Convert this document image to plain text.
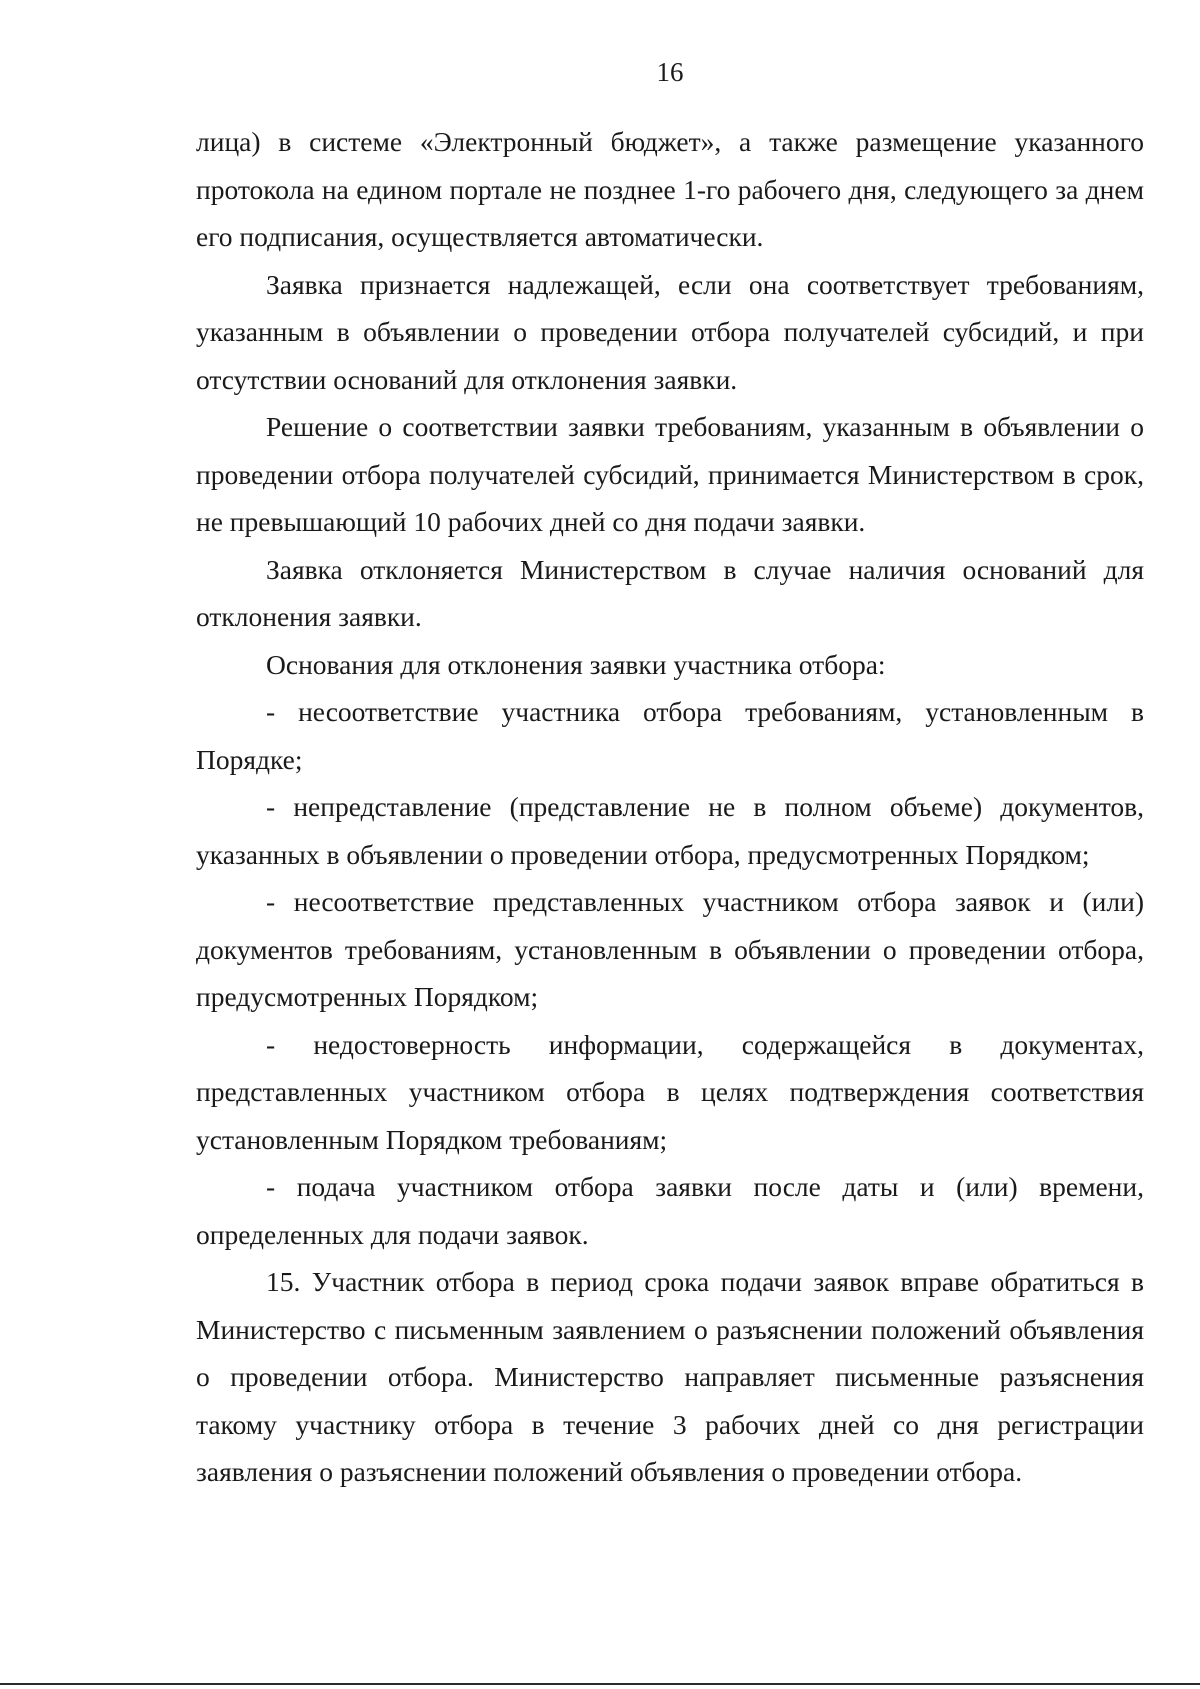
16

лица) в системе «Электронный бюджет», а также размещение указанного протокола на едином портале не позднее 1-го рабочего дня, следующего за днем его подписания, осуществляется автоматически.

Заявка признается надлежащей, если она соответствует требованиям, указанным в объявлении о проведении отбора получателей субсидий, и при отсутствии оснований для отклонения заявки.

Решение о соответствии заявки требованиям, указанным в объявлении о проведении отбора получателей субсидий, принимается Министерством в срок, не превышающий 10 рабочих дней со дня подачи заявки.

Заявка отклоняется Министерством в случае наличия оснований для отклонения заявки.

Основания для отклонения заявки участника отбора:

- несоответствие участника отбора требованиям, установленным в Порядке;

- непредставление (представление не в полном объеме) документов, указанных в объявлении о проведении отбора, предусмотренных Порядком;

- несоответствие представленных участником отбора заявок и (или) документов требованиям, установленным в объявлении о проведении отбора, предусмотренных Порядком;

- недостоверность информации, содержащейся в документах, представленных участником отбора в целях подтверждения соответствия установленным Порядком требованиям;

- подача участником отбора заявки после даты и (или) времени, определенных для подачи заявок.

15. Участник отбора в период срока подачи заявок вправе обратиться в Министерство с письменным заявлением о разъяснении положений объявления о проведении отбора. Министерство направляет письменные разъяснения такому участнику отбора в течение 3 рабочих дней со дня регистрации заявления о разъяснении положений объявления о проведении отбора.
